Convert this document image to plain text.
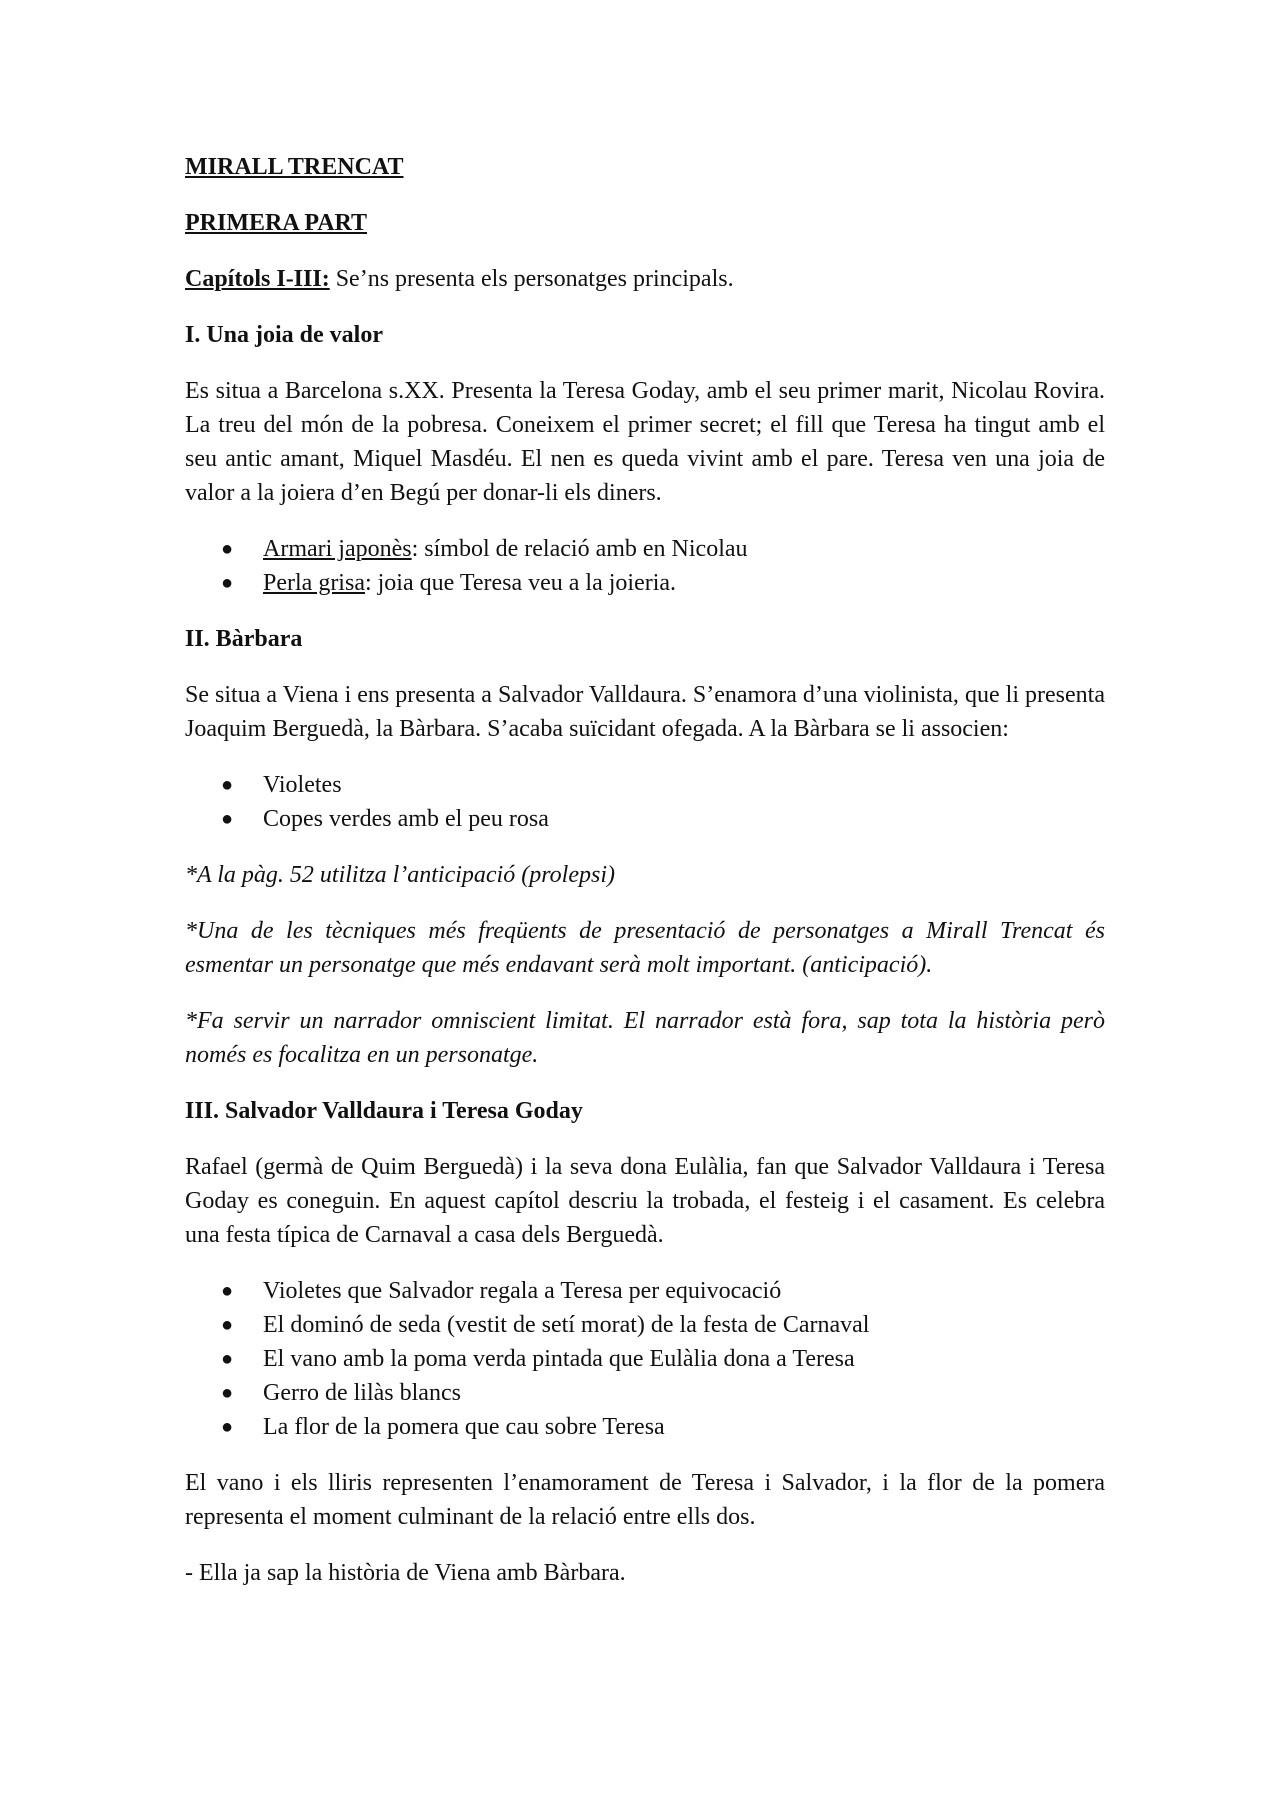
MIRALL TRENCAT

PRIMERA PART

Capítols I-III: Se’ns presenta els personatges principals.

I. Una joia de valor

Es situa a Barcelona s.XX. Presenta la Teresa Goday, amb el seu primer marit, Nicolau Rovira. La treu del món de la pobresa. Coneixem el primer secret; el fill que Teresa ha tingut amb el seu antic amant, Miquel Masdéu. El nen es queda vivint amb el pare. Teresa ven una joia de valor a la joiera d’en Begú per donar-li els diners.

● Armari japonès: símbol de relació amb en Nicolau
● Perla grisa: joia que Teresa veu a la joieria.

II. Bàrbara

Se situa a Viena i ens presenta a Salvador Valldaura. S’enamora d’una violinista, que li presenta Joaquim Berguedà, la Bàrbara. S’acaba suïcidant ofegada. A la Bàrbara se li associen:

● Violetes
● Copes verdes amb el peu rosa

*A la pàg. 52 utilitza l’anticipació (prolepsi)

*Una de les tècniques més freqüents de presentació de personatges a Mirall Trencat és esmentar un personatge que més endavant serà molt important. (anticipació).

*Fa servir un narrador omniscient limitat. El narrador està fora, sap tota la història però només es focalitza en un personatge.

III. Salvador Valldaura i Teresa Goday

Rafael (germà de Quim Berguedà) i la seva dona Eulàlia, fan que Salvador Valldaura i Teresa Goday es coneguin. En aquest capítol descriu la trobada, el festeig i el casament. Es celebra una festa típica de Carnaval a casa dels Berguedà.

● Violetes que Salvador regala a Teresa per equivocació
● El dominó de seda (vestit de setí morat) de la festa de Carnaval
● El vano amb la poma verda pintada que Eulàlia dona a Teresa
● Gerro de lilàs blancs
● La flor de la pomera que cau sobre Teresa

El vano i els lliris representen l’enamorament de Teresa i Salvador, i la flor de la pomera representa el moment culminant de la relació entre ells dos.

- Ella ja sap la història de Viena amb Bàrbara.
